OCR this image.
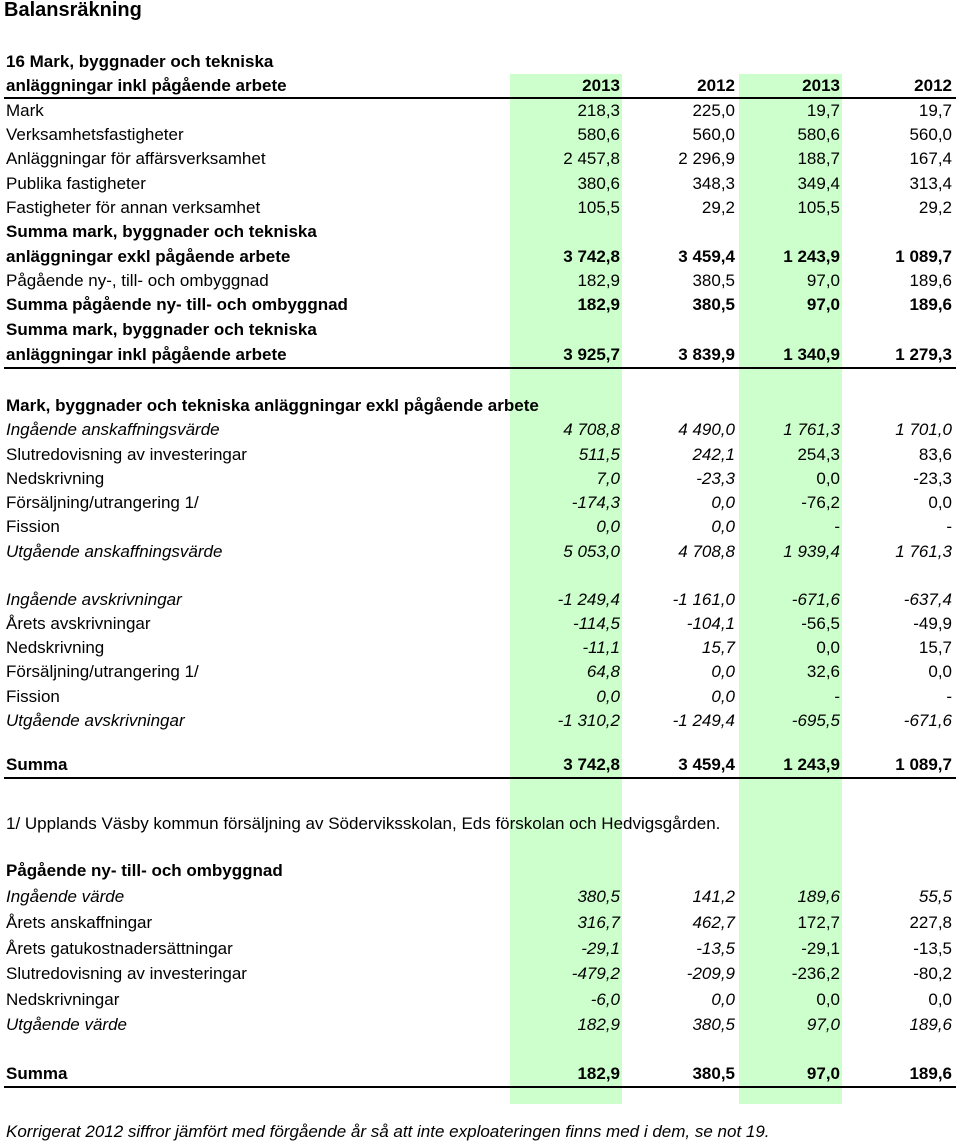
Balansräkning
16 Mark, byggnader och tekniska
anläggningar inkl pågående arbete	2013	2012	2013	2012
Mark	218,3	225,0	19,7	19,7
Verksamhetsfastigheter	580,6	560,0	580,6	560,0
Anläggningar för affärsverksamhet	2 457,8	2 296,9	188,7	167,4
Publika fastigheter	380,6	348,3	349,4	313,4
Fastigheter för annan verksamhet	105,5	29,2	105,5	29,2
Summa mark, byggnader och tekniska
anläggningar exkl pågående arbete	3 742,8	3 459,4	1 243,9	1 089,7
Pågående ny-, till- och ombyggnad	182,9	380,5	97,0	189,6
Summa pågående ny- till- och ombyggnad	182,9	380,5	97,0	189,6
Summa mark, byggnader och tekniska
anläggningar inkl pågående arbete	3 925,7	3 839,9	1 340,9	1 279,3
Mark, byggnader och tekniska anläggningar exkl pågående arbete
Ingående anskaffningsvärde	4 708,8	4 490,0	1 761,3	1 701,0
Slutredovisning av investeringar	511,5	242,1	254,3	83,6
Nedskrivning	7,0	-23,3	0,0	-23,3
Försäljning/utrangering 1/	-174,3	0,0	-76,2	0,0
Fission	0,0	0,0	-	-
Utgående anskaffningsvärde	5 053,0	4 708,8	1 939,4	1 761,3
Ingående avskrivningar	-1 249,4	-1 161,0	-671,6	-637,4
Årets avskrivningar	-114,5	-104,1	-56,5	-49,9
Nedskrivning	-11,1	15,7	0,0	15,7
Försäljning/utrangering 1/	64,8	0,0	32,6	0,0
Fission	0,0	0,0	-	-
Utgående avskrivningar	-1 310,2	-1 249,4	-695,5	-671,6
Summa	3 742,8	3 459,4	1 243,9	1 089,7
1/ Upplands Väsby kommun försäljning av Söderviksskolan, Eds förskolan och Hedvigsgården.
Pågående ny- till- och ombyggnad
Ingående värde	380,5	141,2	189,6	55,5
Årets anskaffningar	316,7	462,7	172,7	227,8
Årets gatukostnadersättningar	-29,1	-13,5	-29,1	-13,5
Slutredovisning av investeringar	-479,2	-209,9	-236,2	-80,2
Nedskrivningar	-6,0	0,0	0,0	0,0
Utgående värde	182,9	380,5	97,0	189,6
Summa	182,9	380,5	97,0	189,6
Korrigerat 2012 siffror jämfört med förgående år så att inte exploateringen finns med i dem, se not 19.
